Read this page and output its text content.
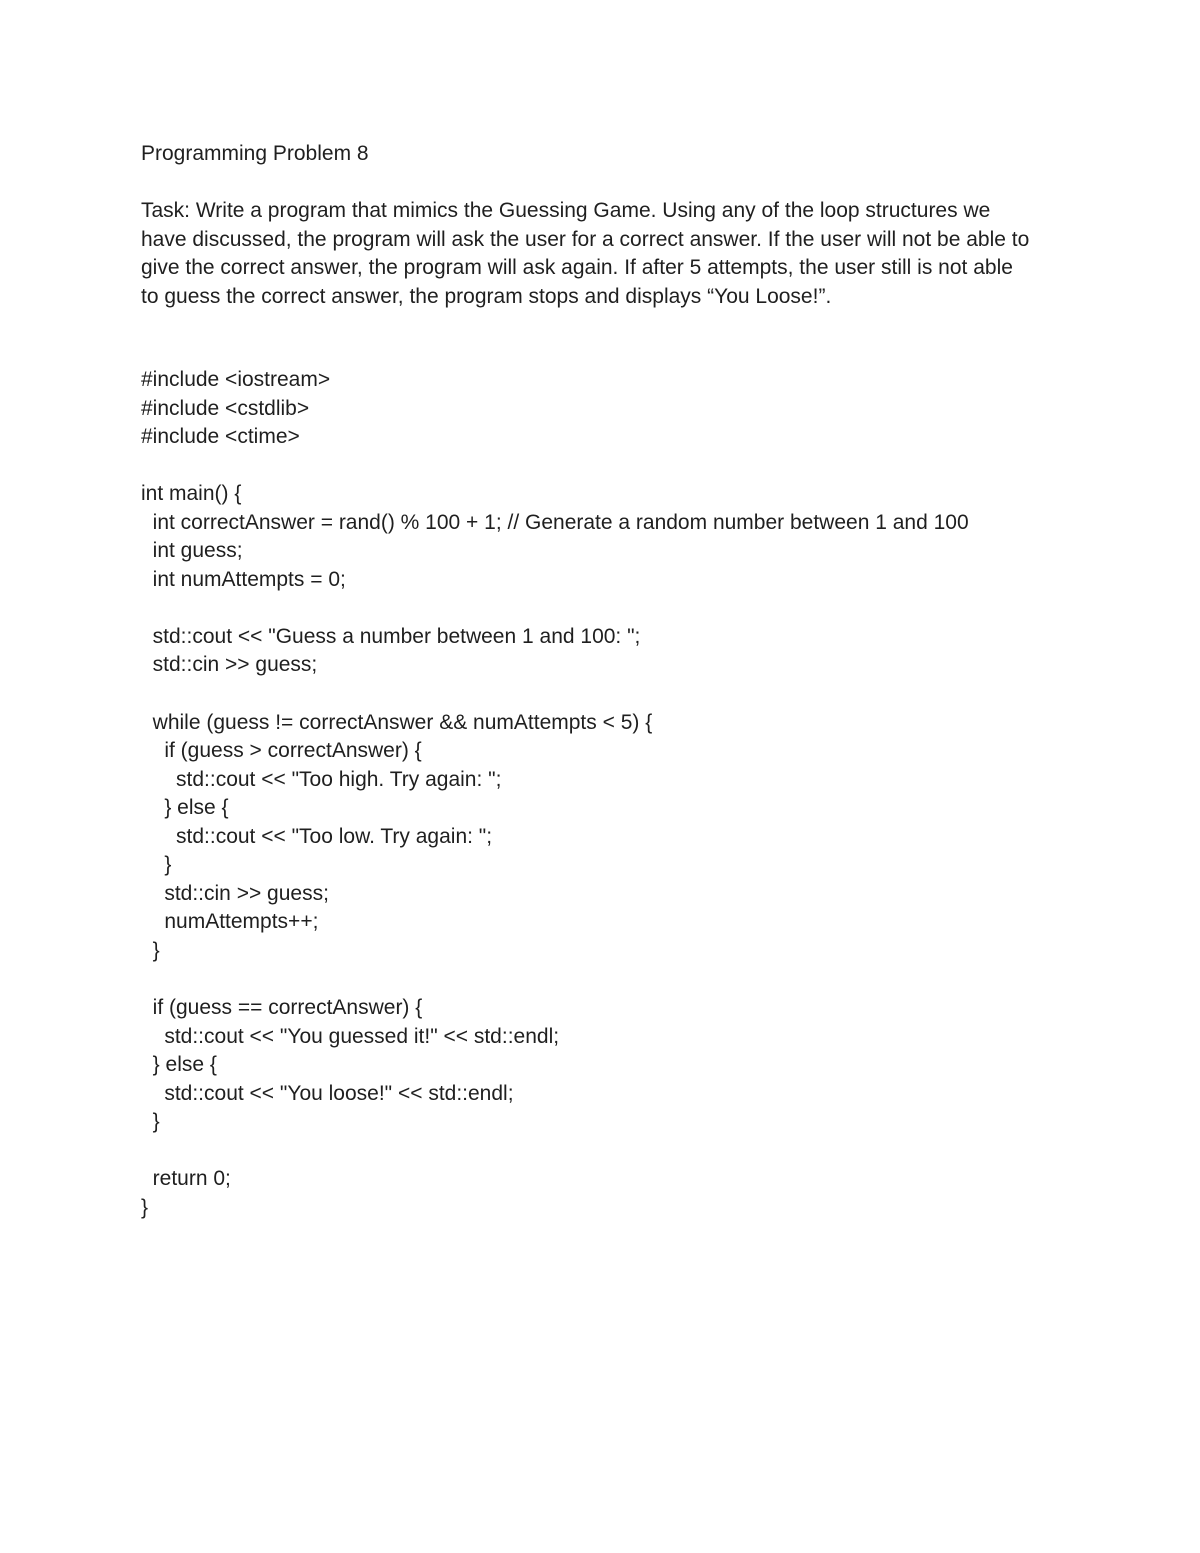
Programming Problem 8

Task: Write a program that mimics the Guessing Game. Using any of the loop structures we
have discussed, the program will ask the user for a correct answer. If the user will not be able to
give the correct answer, the program will ask again. If after 5 attempts, the user still is not able
to guess the correct answer, the program stops and displays “You Loose!”.

#include <iostream>
#include <cstdlib>
#include <ctime>
int main() {
int correctAnswer = rand() % 100 + 1; // Generate a random number between 1 and 100
int guess;
int numAttempts = 0;
std::cout << "Guess a number between 1 and 100: ";
std::cin >> guess;
while (guess != correctAnswer && numAttempts < 5) {
if (guess > correctAnswer) {
std::cout << "Too high. Try again: ";
} else {
std::cout << "Too low. Try again: ";
}
std::cin >> guess;
numAttempts++;
}
if (guess == correctAnswer) {
std::cout << "You guessed it!" << std::endl;
} else {
std::cout << "You loose!" << std::endl;
}
return 0;
}
